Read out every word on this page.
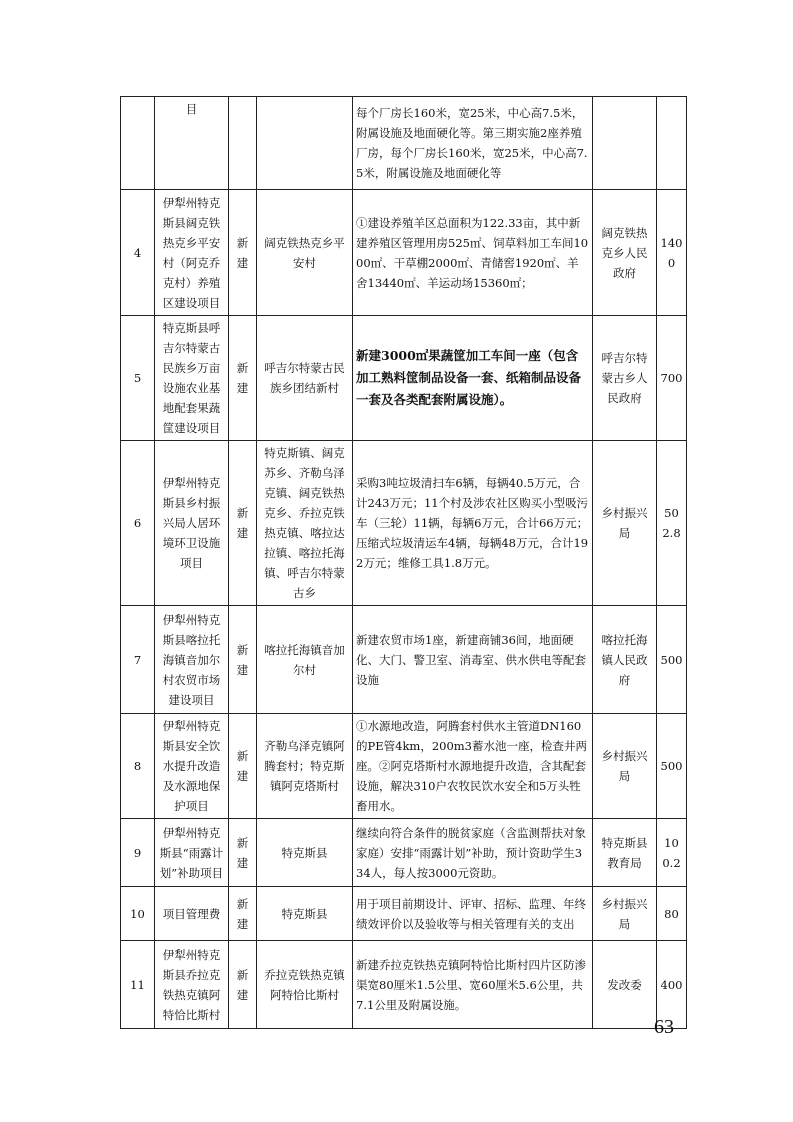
	目			每个厂房长160米，宽25米，中心高7.5米，附属设施及地面硬化等。第三期实施2座养殖厂房，每个厂房长160米，宽25米，中心高7.5米，附属设施及地面硬化等		
4	伊犁州特克斯县阔克铁热克乡平安村（阿克乔克村）养殖区建设项目	新建	阔克铁热克乡平安村	①建设养殖羊区总面积为122.33亩，其中新建养殖区管理用房525㎡、饲草料加工车间1000㎡、干草棚2000㎡、青储窖1920㎡、羊舍13440㎡、羊运动场15360㎡；	阔克铁热克乡人民政府	1400
5	特克斯县呼吉尔特蒙古民族乡万亩设施农业基地配套果蔬筐建设项目	新建	呼吉尔特蒙古民族乡团结新村	新建3000㎡果蔬筐加工车间一座（包含加工熟料筐制品设备一套、纸箱制品设备一套及各类配套附属设施）。	呼吉尔特蒙古乡人民政府	700
6	伊犁州特克斯县乡村振兴局人居环境环卫设施项目	新建	特克斯镇、阔克苏乡、齐勒乌泽克镇、阔克铁热克乡、乔拉克铁热克镇、喀拉达拉镇、喀拉托海镇、呼吉尔特蒙古乡	采购3吨垃圾清扫车6辆，每辆40.5万元，合计243万元；11个村及涉农社区购买小型吸污车（三轮）11辆，每辆6万元，合计66万元；压缩式垃圾清运车4辆，每辆48万元，合计192万元；维修工具1.8万元。	乡村振兴局	502.8
7	伊犁州特克斯县喀拉托海镇音加尔村农贸市场建设项目	新建	喀拉托海镇音加尔村	新建农贸市场1座，新建商铺36间，地面硬化、大门、警卫室、消毒室、供水供电等配套设施	喀拉托海镇人民政府	500
8	伊犁州特克斯县安全饮水提升改造及水源地保护项目	新建	齐勒乌泽克镇阿腾套村；特克斯镇阿克塔斯村	①水源地改造，阿腾套村供水主管道DN160的PE管4km，200m3蓄水池一座，检查井两座。②阿克塔斯村水源地提升改造，含其配套设施，解决310户农牧民饮水安全和5万头牲畜用水。	乡村振兴局	500
9	伊犁州特克斯县“雨露计划”补助项目	新建	特克斯县	继续向符合条件的脱贫家庭（含监测帮扶对象家庭）安排“雨露计划”补助，预计资助学生334人，每人按3000元资助。	特克斯县教育局	100.2
10	项目管理费	新建	特克斯县	用于项目前期设计、评审、招标、监理、年终绩效评价以及验收等与相关管理有关的支出	乡村振兴局	80
11	伊犁州特克斯县乔拉克铁热克镇阿特恰比斯村	新建	乔拉克铁热克镇阿特恰比斯村	新建乔拉克铁热克镇阿特恰比斯村四片区防渗渠宽80厘米1.5公里、宽60厘米5.6公里，共7.1公里及附属设施。	发改委	400
63
